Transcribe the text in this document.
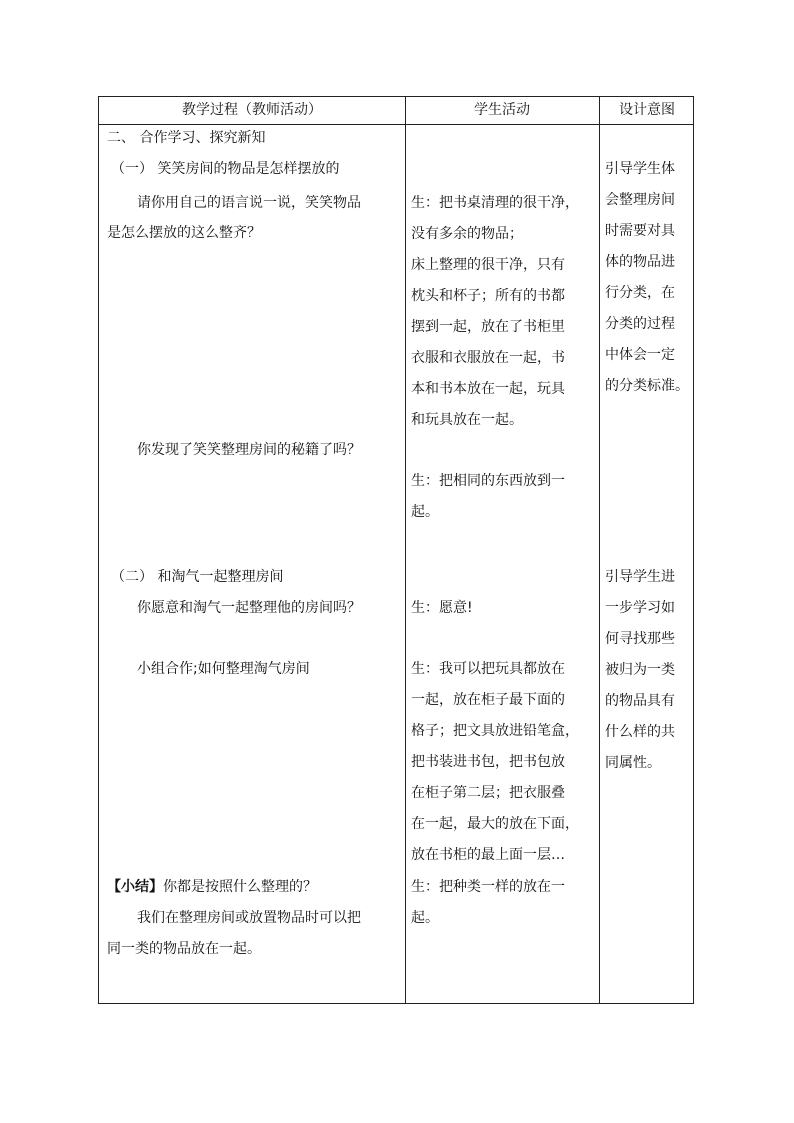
教学过程（教师活动）	学生活动	设计意图
二、 合作学习、探究新知
（一） 笑笑房间的物品是怎样摆放的
请你用自己的语言说一说，笑笑物品
是怎么摆放的这么整齐？
你发现了笑笑整理房间的秘籍了吗？
（二） 和淘气一起整理房间
你愿意和淘气一起整理他的房间吗？
小组合作;如何整理淘气房间
【小结】你都是按照什么整理的？
我们在整理房间或放置物品时可以把
同一类的物品放在一起。
生：把书桌清理的很干净，
没有多余的物品；
床上整理的很干净，只有
枕头和杯子；所有的书都
摆到一起，放在了书柜里
衣服和衣服放在一起，书
本和书本放在一起，玩具
和玩具放在一起。
生：把相同的东西放到一
起。
生：愿意!
生：我可以把玩具都放在
一起，放在柜子最下面的
格子；把文具放进铅笔盒，
把书装进书包，把书包放
在柜子第二层；把衣服叠
在一起，最大的放在下面，
放在书柜的最上面一层…
生：把种类一样的放在一
起。
引导学生体
会整理房间
时需要对具
体的物品进
行分类，在
分类的过程
中体会一定
的分类标准。
引导学生进
一步学习如
何寻找那些
被归为一类
的物品具有
什么样的共
同属性。
